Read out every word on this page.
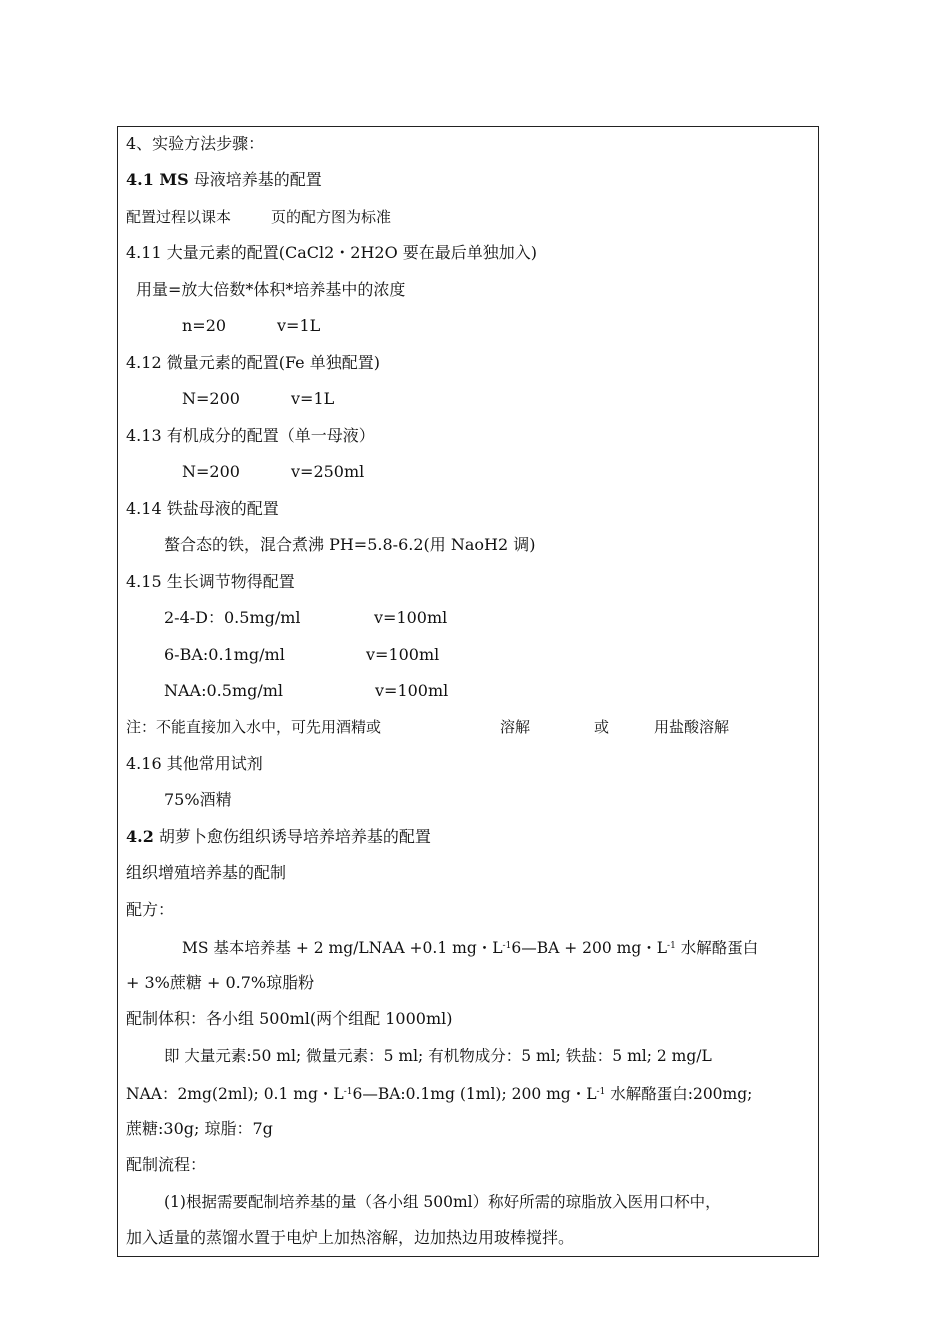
4、实验方法步骤：
4.1 MS 母液培养基的配置
配置过程以课本	页的配方图为标准
4.11 大量元素的配置(CaCl2・2H2O 要在最后单独加入)
用量=放大倍数*体积*培养基中的浓度
n=20	v=1L
4.12 微量元素的配置(Fe 单独配置)
N=200	v=1L
4.13 有机成分的配置（单一母液）
N=200	v=250ml
4.14 铁盐母液的配置
螯合态的铁，混合煮沸 PH=5.8-6.2(用 NaoH2 调)
4.15 生长调节物得配置
2-4-D：0.5mg/ml	v=100ml
6-BA:0.1mg/ml	v=100ml
NAA:0.5mg/ml	v=100ml
注：不能直接加入水中，可先用酒精或	溶解	或	用盐酸溶解
4.16 其他常用试剂
75%酒精
4.2 胡萝卜愈伤组织诱导培养培养基的配置
组织增殖培养基的配制
配方：
MS 基本培养基 + 2 mg/LNAA +0.1 mg・$L^{-1}6—BA + 200$ mg・$L^{-1}$ 水解酪蛋白
+ 3%蔗糖 + 0.7%琼脂粉
配制体积：各小组 500ml(两个组配 1000ml)
即 大量元素:50 ml; 微量元素：5 ml; 有机物成分：5 ml; 铁盐：5 ml; 2 mg/L
NAA：2mg(2ml); 0.1 mg・$L^{-1}6—BA:0.1mg$ (1ml); 200 mg・$L^{-1}$ 水解酪蛋白:200mg;
蔗糖:30g; 琼脂：7g
配制流程：
(1)根据需要配制培养基的量（各小组 500ml）称好所需的琼脂放入医用口杯中，
加入适量的蒸馏水置于电炉上加热溶解，边加热边用玻棒搅拌。
